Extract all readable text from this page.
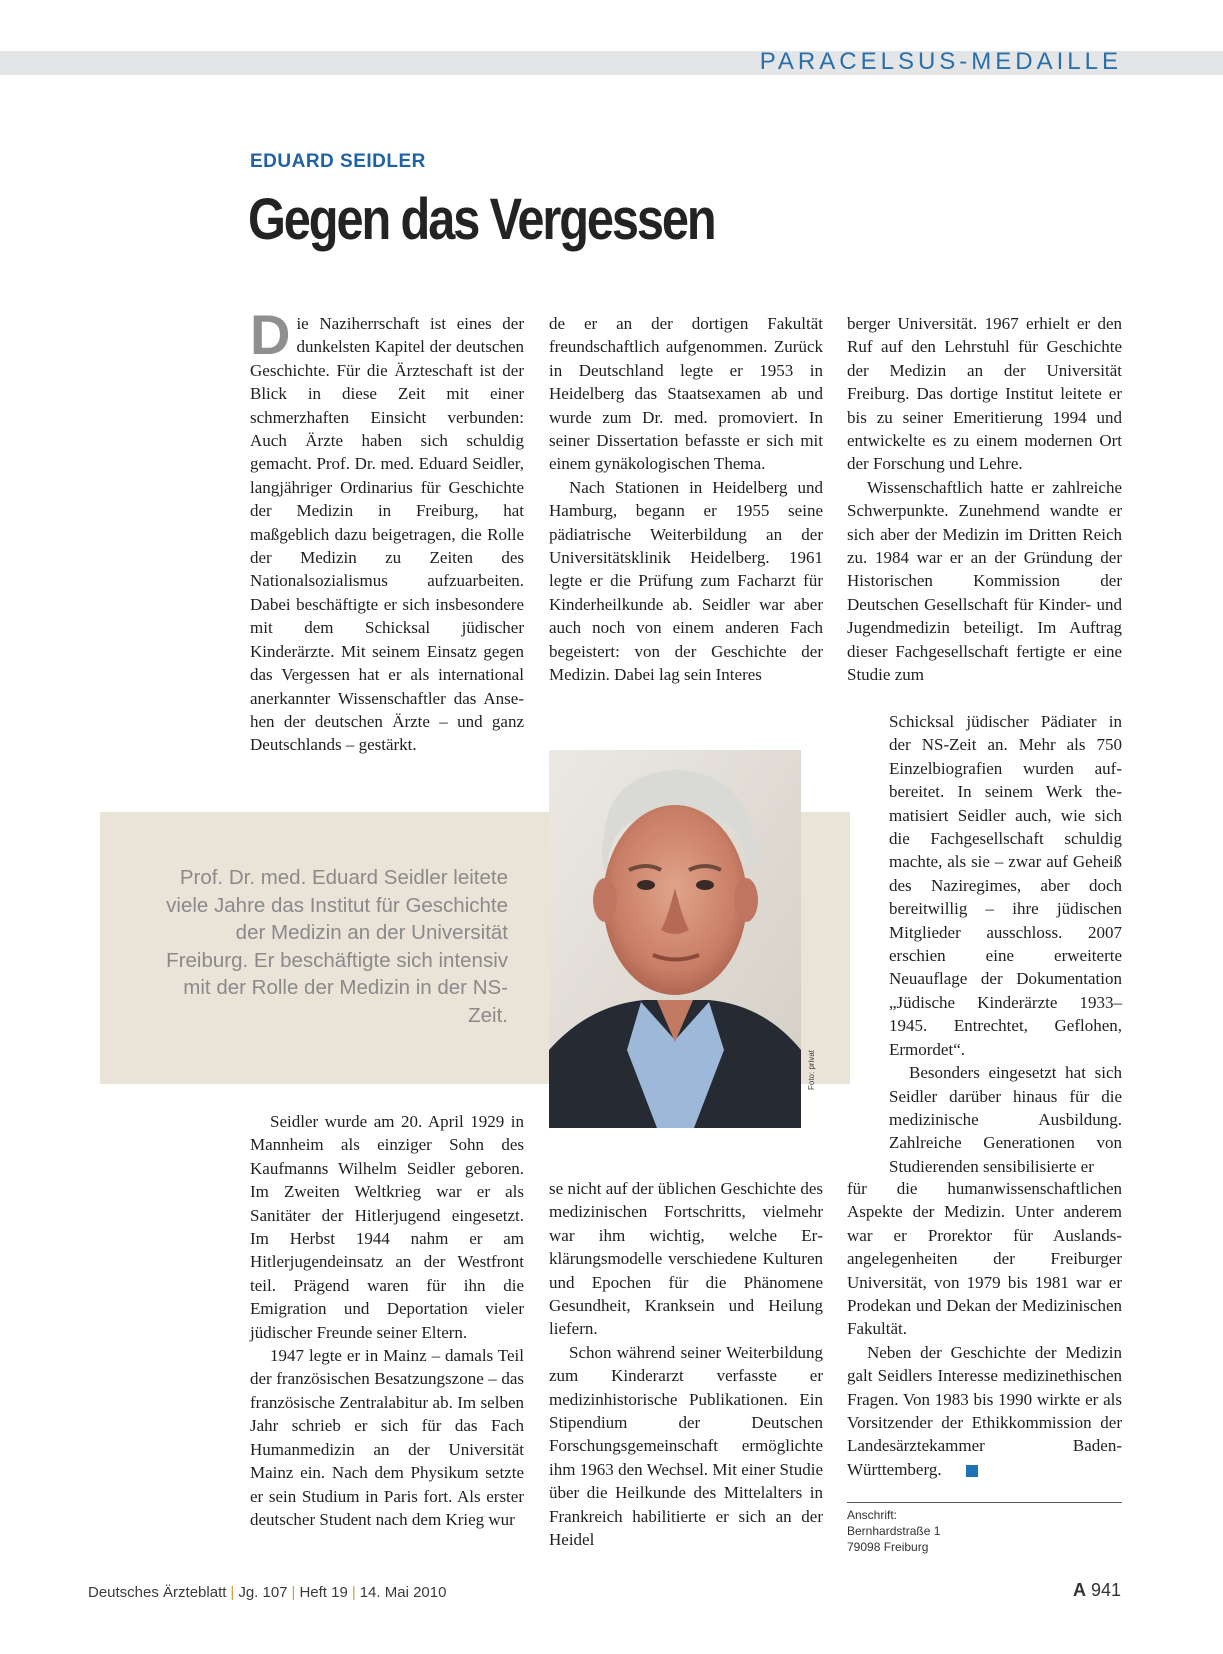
PARACELSUS-MEDAILLE
EDUARD SEIDLER
Gegen das Vergessen

Die Naziherrschaft ist eines der dunkelsten Kapitel der deutschen Geschichte. Für die Ärzteschaft ist der Blick in diese Zeit mit einer schmerzhaften Einsicht verbunden: Auch Ärzte haben sich schuldig gemacht. Prof. Dr. med. Eduard Seidler, langjähriger Ordinarius für Geschichte der Medizin in Freiburg, hat maßgeblich dazu beigetragen, die Rolle der Medizin zu Zeiten des Nationalsozialismus aufzuarbeiten. Dabei beschäftigte er sich insbesondere mit dem Schicksal jüdischer Kinderärzte. Mit seinem Einsatz gegen das Vergessen hat er als international anerkannter Wissenschaftler das Ansehen der deutschen Ärzte – und ganz Deutschlands – gestärkt.

Prof. Dr. med. Eduard Seidler leitete viele Jahre das Institut für Geschichte der Medizin an der Universität Freiburg. Er beschäftigte sich intensiv mit der Rolle der Medizin in der NS-Zeit.

Foto: privat

Seidler wurde am 20. April 1929 in Mannheim als einziger Sohn des Kaufmanns Wilhelm Seidler geboren. Im Zweiten Weltkrieg war er als Sanitäter der Hitlerjugend eingesetzt. Im Herbst 1944 nahm er am Hitlerjugendeinsatz an der Westfront teil. Prägend waren für ihn die Emigration und Deportation vieler jüdischer Freunde seiner Eltern.

1947 legte er in Mainz – damals Teil der französischen Besatzungszone – das französische Zentralabitur ab. Im selben Jahr schrieb er sich für das Fach Humanmedizin an der Universität Mainz ein. Nach dem Physikum setzte er sein Studium in Paris fort. Als erster deutscher Student nach dem Krieg wur

de er an der dortigen Fakultät freundschaftlich aufgenommen. Zurück in Deutschland legte er 1953 in Heidelberg das Staatsexamen ab und wurde zum Dr. med. promoviert. In seiner Dissertation befasste er sich mit einem gynäkologischen Thema.

Nach Stationen in Heidelberg und Hamburg, begann er 1955 seine pädiatrische Weiterbildung an der Universitätsklinik Heidelberg. 1961 legte er die Prüfung zum Facharzt für Kinderheilkunde ab. Seidler war aber auch noch von einem anderen Fach begeistert: von der Geschichte der Medizin. Dabei lag sein Interes

se nicht auf der üblichen Geschichte des medizinischen Fortschritts, vielmehr war ihm wichtig, welche Erklärungsmodelle verschiedene Kulturen und Epochen für die Phänomene Gesundheit, Kranksein und Heilung liefern.

Schon während seiner Weiterbildung zum Kinderarzt verfasste er medizinhistorische Publikationen. Ein Stipendium der Deutschen Forschungsgemeinschaft ermöglichte ihm 1963 den Wechsel. Mit einer Studie über die Heilkunde des Mittelalters in Frankreich habilitierte er sich an der Heidel

berger Universität. 1967 erhielt er den Ruf auf den Lehrstuhl für Geschichte der Medizin an der Universität Freiburg. Das dortige Institut leitete er bis zu seiner Emeritierung 1994 und entwickelte es zu einem modernen Ort der Forschung und Lehre.

Wissenschaftlich hatte er zahlreiche Schwerpunkte. Zunehmend wandte er sich aber der Medizin im Dritten Reich zu. 1984 war er an der Gründung der Historischen Kommission der Deutschen Gesellschaft für Kinder- und Jugendmedizin beteiligt. Im Auftrag dieser Fachgesellschaft fertigte er eine Studie zum

Schicksal jüdischer Pädiater in der NS-Zeit an. Mehr als 750 Einzelbiografien wurden aufbereitet. In seinem Werk thematisiert Seidler auch, wie sich die Fachgesellschaft schuldig machte, als sie – zwar auf Geheiß des Naziregimes, aber doch bereitwillig – ihre jüdischen Mitglieder ausschloss. 2007 erschien eine erweiterte Neuauflage der Dokumentation „Jüdische Kinderärzte 1933–1945. Entrechtet, Geflohen, Ermordet“.

Besonders eingesetzt hat sich Seidler darüber hinaus für die medizinische Ausbildung. Zahlreiche Generationen von Studierenden sensibilisierte er

für die humanwissenschaftlichen Aspekte der Medizin. Unter anderem war er Prorektor für Auslandsangelegenheiten der Freiburger Universität, von 1979 bis 1981 war er Prodekan und Dekan der Medizinischen Fakultät.

Neben der Geschichte der Medizin galt Seidlers Interesse medizinethischen Fragen. Von 1983 bis 1990 wirkte er als Vorsitzender der Ethikkommission der Landesärztekammer Baden-Württemberg.

Anschrift:
Bernhardstraße 1
79098 Freiburg
Deutsches Ärzteblatt | Jg. 107 | Heft 19 | 14. Mai 2010	A 941
